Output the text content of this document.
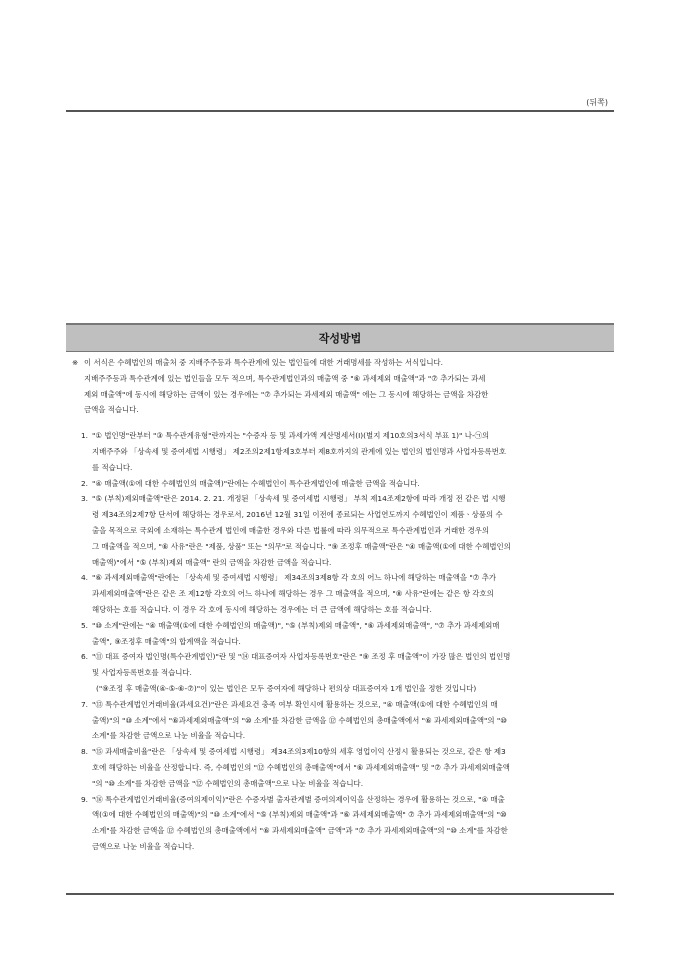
(뒤쪽)
작성방법
※ 이 서식은 수혜법인의 매출처 중 지배주주등과 특수관계에 있는 법인들에 대한 거래명세를 작성하는 서식입니다.
지배주주등과 특수관계에 있는 법인들을 모두 적으며, 특수관계법인과의 매출액 중 "⑥ 과세제외 매출액"과 "⑦ 추가되는 과세
제외 매출액"에 동시에 해당하는 금액이 있는 경우에는 "⑦ 추가되는 과세제외 매출액" 에는 그 동시에 해당하는 금액을 차감한
금액을 적습니다.
1. "① 법인명"란부터 "③ 특수관계유형"란까지는 "수증자 등 및 과세가액 계산명세서(Ⅰ)(별지 제10호의3서식 부표 1)" 나-㉠의
지배주주와 「상속세 및 증여세법 시행령」 제2조의2제1항제3호부터 제8호까지의 관계에 있는 법인의 법인명과 사업자등록번호
를 적습니다.
2. "④ 매출액(①에 대한 수혜법인의 매출액)"란에는 수혜법인이 특수관계법인에 매출한 금액을 적습니다.
3. "⑤ (부칙)제외매출액"란은 2014. 2. 21. 개정된 「상속세 및 증여세법 시행령」 부칙 제14조제2항에 따라 개정 전 같은 법 시행
령 제34조의2제7항 단서에 해당하는 경우로서, 2016년 12월 31일 이전에 종료되는 사업연도까지 수혜법인이 제품ㆍ상품의 수
출을 목적으로 국외에 소재하는 특수관계 법인에 매출한 경우와 다른 법률에 따라 의무적으로 특수관계법인과 거래한 경우의
그 매출액을 적으며, "⑥ 사유"란은 "제품, 상품" 또는 "의무"로 적습니다. "⑨ 조정후 매출액"란은 "④ 매출액(①에 대한 수혜법인의
매출액)"에서 "⑤ (부칙)제외 매출액" 란의 금액을 차감한 금액을 적습니다.
4. "⑥ 과세제외매출액"란에는 「상속세 및 증여세법 시행령」 제34조의3제8항 각 호의 어느 하나에 해당하는 매출액을 "⑦ 추가
과세제외매출액"란은 같은 조 제12항 각호의 어느 하나에 해당하는 경우 그 매출액을 적으며, "⑧ 사유"란에는 같은 항 각호의
해당하는 호를 적습니다. 이 경우 각 호에 동시에 해당하는 경우에는 더 큰 금액에 해당하는 호를 적습니다.
5. "⑩ 소계"란에는 "④ 매출액(①에 대한 수혜법인의 매출액)", "⑤ (부칙)제외 매출액", "⑥ 과세제외매출액", "⑦ 추가 과세제외매
출액", ⑨조정후 매출액"의 합계액을 적습니다.
6. "⑪ 대표 증여자 법인명(특수관계법인)"란 및 "⑭ 대표증여자 사업자등록번호"란은 "⑨ 조정 후 매출액"이 가장 많은 법인의 법인명
및 사업자등록번호를 적습니다.
("⑨조정 후 매출액(④-⑤-⑥-⑦)"이 있는 법인은 모두 증여자에 해당하나 편의상 대표증여자 1개 법인을 정한 것입니다)
7. "⑬ 특수관계법인거래비율(과세요건)"란은 과세요건 충족 여부 확인시에 활용하는 것으로, "④ 매출액(①에 대한 수혜법인의 매
출액)"의 "⑩ 소계"에서 "⑥과세제외매출액"의 "⑩ 소계"를 차감한 금액을 ⑫ 수혜법인의 총매출액에서 "⑥ 과세제외매출액"의 "⑩
소계"를 차감한 금액으로 나눈 비율을 적습니다.
8. "⑮ 과세매출비율"란은 「상속세 및 증여세법 시행령」 제34조의3제10항의 세후 영업이익 산정시 활용되는 것으로, 같은 항 제3
호에 해당하는 비율을 산정합니다. 즉, 수혜법인의 "⑫ 수혜법인의 총매출액"에서 "⑥ 과세제외매출액" 및 "⑦ 추가 과세제외매출액
"의 "⑩ 소계"를 차감한 금액을 "⑫ 수혜법인의 총매출액"으로 나눈 비율을 적습니다.
9. "⑯ 특수관계법인거래비율(증여의제이익)"란은 수증자별 출자관계별 증여의제이익을 산정하는 경우에 활용하는 것으로, "④ 매출
액(①에 대한 수혜법인의 매출액)"의 "⑩ 소계"에서 "⑤ (부칙)제외 매출액"과 "⑥ 과세제외매출액" ⑦ 추가 과세제외매출액"의 "⑩
소계"를 차감한 금액을 ⑫ 수혜법인의 총매출액에서 "⑥ 과세제외매출액" 금액"과 "⑦ 추가 과세제외매출액"의 "⑩ 소계"를 차감한
금액으로 나눈 비율을 적습니다.
